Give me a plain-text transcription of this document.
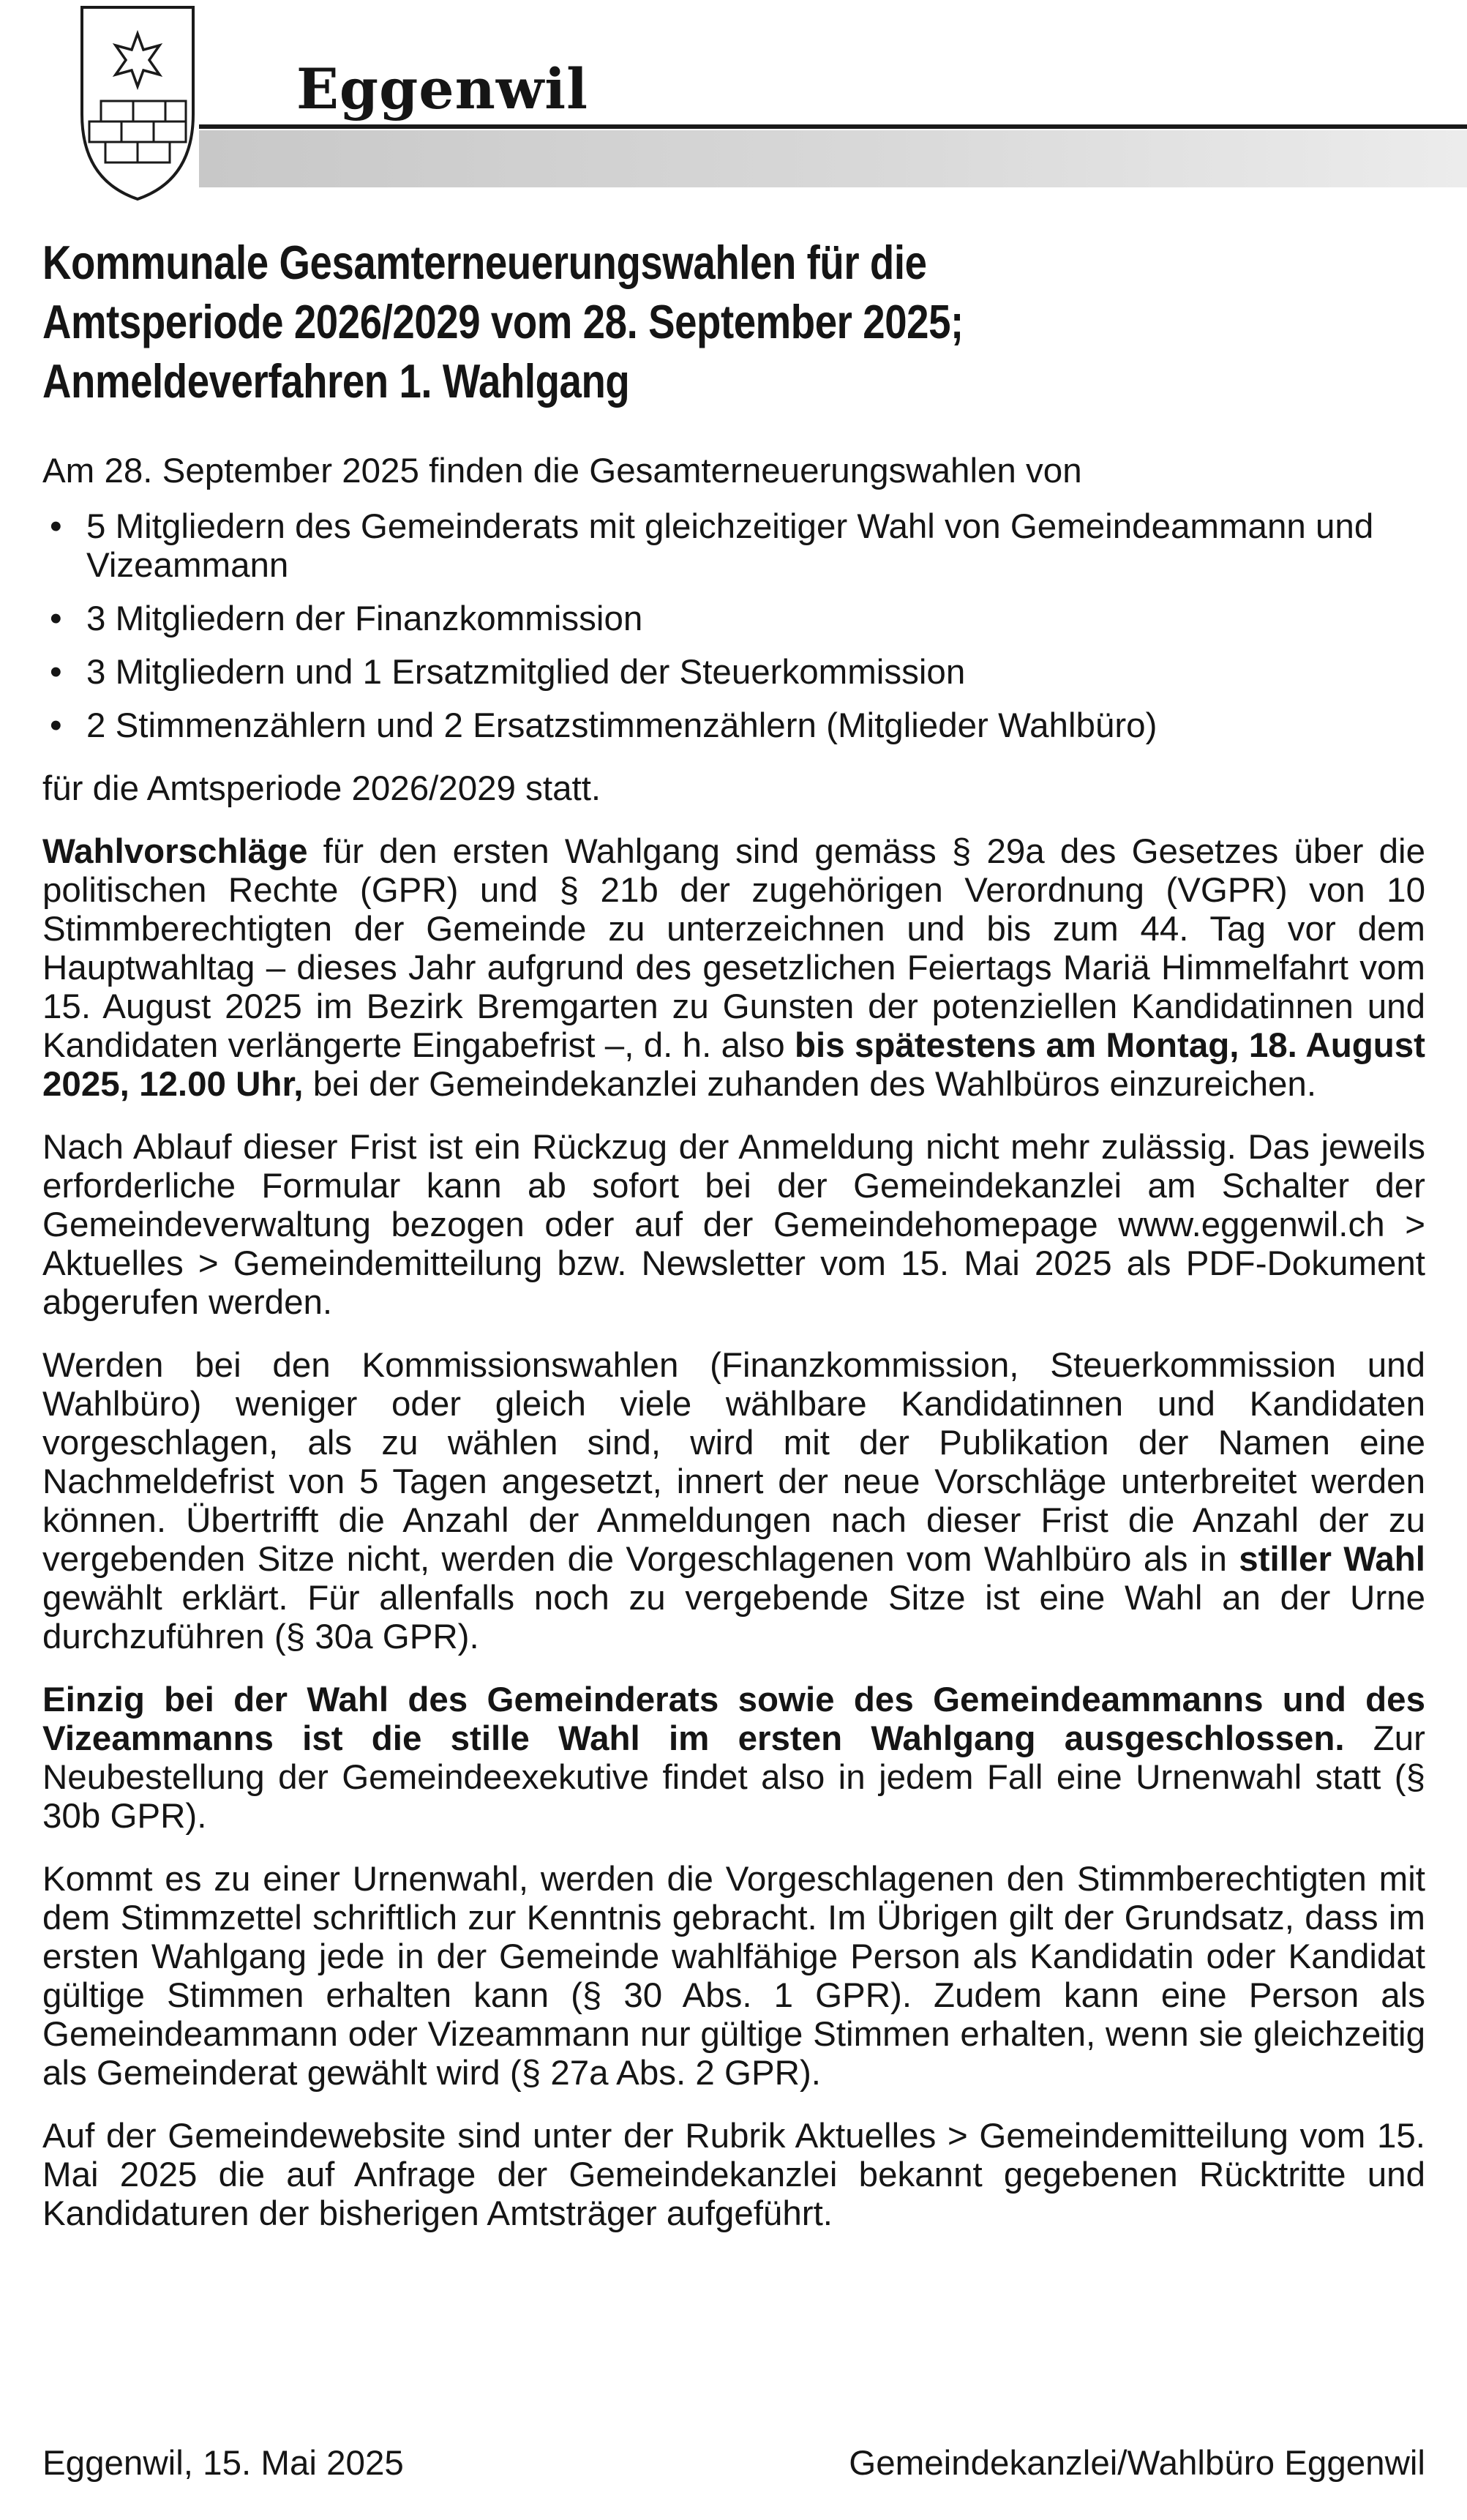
Eggenwil
Kommunale Gesamterneuerungswahlen für die
Amtsperiode 2026/2029 vom 28. September 2025;
Anmeldeverfahren 1. Wahlgang

Am 28. September 2025 finden die Gesamterneuerungswahlen von

• 5 Mitgliedern des Gemeinderats mit gleichzeitiger Wahl von Gemeindeammann und Vizeammann
• 3 Mitgliedern der Finanzkommission
• 3 Mitgliedern und 1 Ersatzmitglied der Steuerkommission
• 2 Stimmenzählern und 2 Ersatzstimmenzählern (Mitglieder Wahlbüro)

für die Amtsperiode 2026/2029 statt.

Wahlvorschläge für den ersten Wahlgang sind gemäss § 29a des Gesetzes über die politischen Rechte (GPR) und § 21b der zugehörigen Verordnung (VGPR) von 10 Stimmberechtigten der Gemeinde zu unterzeichnen und bis zum 44. Tag vor dem Hauptwahltag – dieses Jahr aufgrund des gesetzlichen Feiertags Mariä Himmelfahrt vom 15. August 2025 im Bezirk Bremgarten zu Gunsten der potenziellen Kandidatinnen und Kandidaten verlängerte Eingabefrist –, d. h. also bis spätestens am Montag, 18. August 2025, 12.00 Uhr, bei der Gemeindekanzlei zuhanden des Wahlbüros einzureichen.

Nach Ablauf dieser Frist ist ein Rückzug der Anmeldung nicht mehr zulässig. Das jeweils erforderliche Formular kann ab sofort bei der Gemeindekanzlei am Schalter der Gemeindeverwaltung bezogen oder auf der Gemeindehomepage www.eggenwil.ch > Aktuelles > Gemeindemitteilung bzw. Newsletter vom 15. Mai 2025 als PDF-Dokument abgerufen werden.

Werden bei den Kommissionswahlen (Finanzkommission, Steuerkommission und Wahlbüro) weniger oder gleich viele wählbare Kandidatinnen und Kandidaten vorgeschlagen, als zu wählen sind, wird mit der Publikation der Namen eine Nachmeldefrist von 5 Tagen angesetzt, innert der neue Vorschläge unterbreitet werden können. Übertrifft die Anzahl der Anmeldungen nach dieser Frist die Anzahl der zu vergebenden Sitze nicht, werden die Vorgeschlagenen vom Wahlbüro als in stiller Wahl gewählt erklärt. Für allenfalls noch zu vergebende Sitze ist eine Wahl an der Urne durchzuführen (§ 30a GPR).

Einzig bei der Wahl des Gemeinderats sowie des Gemeindeammanns und des Vizeammanns ist die stille Wahl im ersten Wahlgang ausgeschlossen. Zur Neubestellung der Gemeindeexekutive findet also in jedem Fall eine Urnenwahl statt (§ 30b GPR).

Kommt es zu einer Urnenwahl, werden die Vorgeschlagenen den Stimmberechtigten mit dem Stimmzettel schriftlich zur Kenntnis gebracht. Im Übrigen gilt der Grundsatz, dass im ersten Wahlgang jede in der Gemeinde wahlfähige Person als Kandidatin oder Kandidat gültige Stimmen erhalten kann (§ 30 Abs. 1 GPR). Zudem kann eine Person als Gemeindeammann oder Vizeammann nur gültige Stimmen erhalten, wenn sie gleichzeitig als Gemeinderat gewählt wird (§ 27a Abs. 2 GPR).

Auf der Gemeindewebsite sind unter der Rubrik Aktuelles > Gemeindemitteilung vom 15. Mai 2025 die auf Anfrage der Gemeindekanzlei bekannt gegebenen Rücktritte und Kandidaturen der bisherigen Amtsträger aufgeführt.

Eggenwil, 15. Mai 2025	Gemeindekanzlei/Wahlbüro Eggenwil
